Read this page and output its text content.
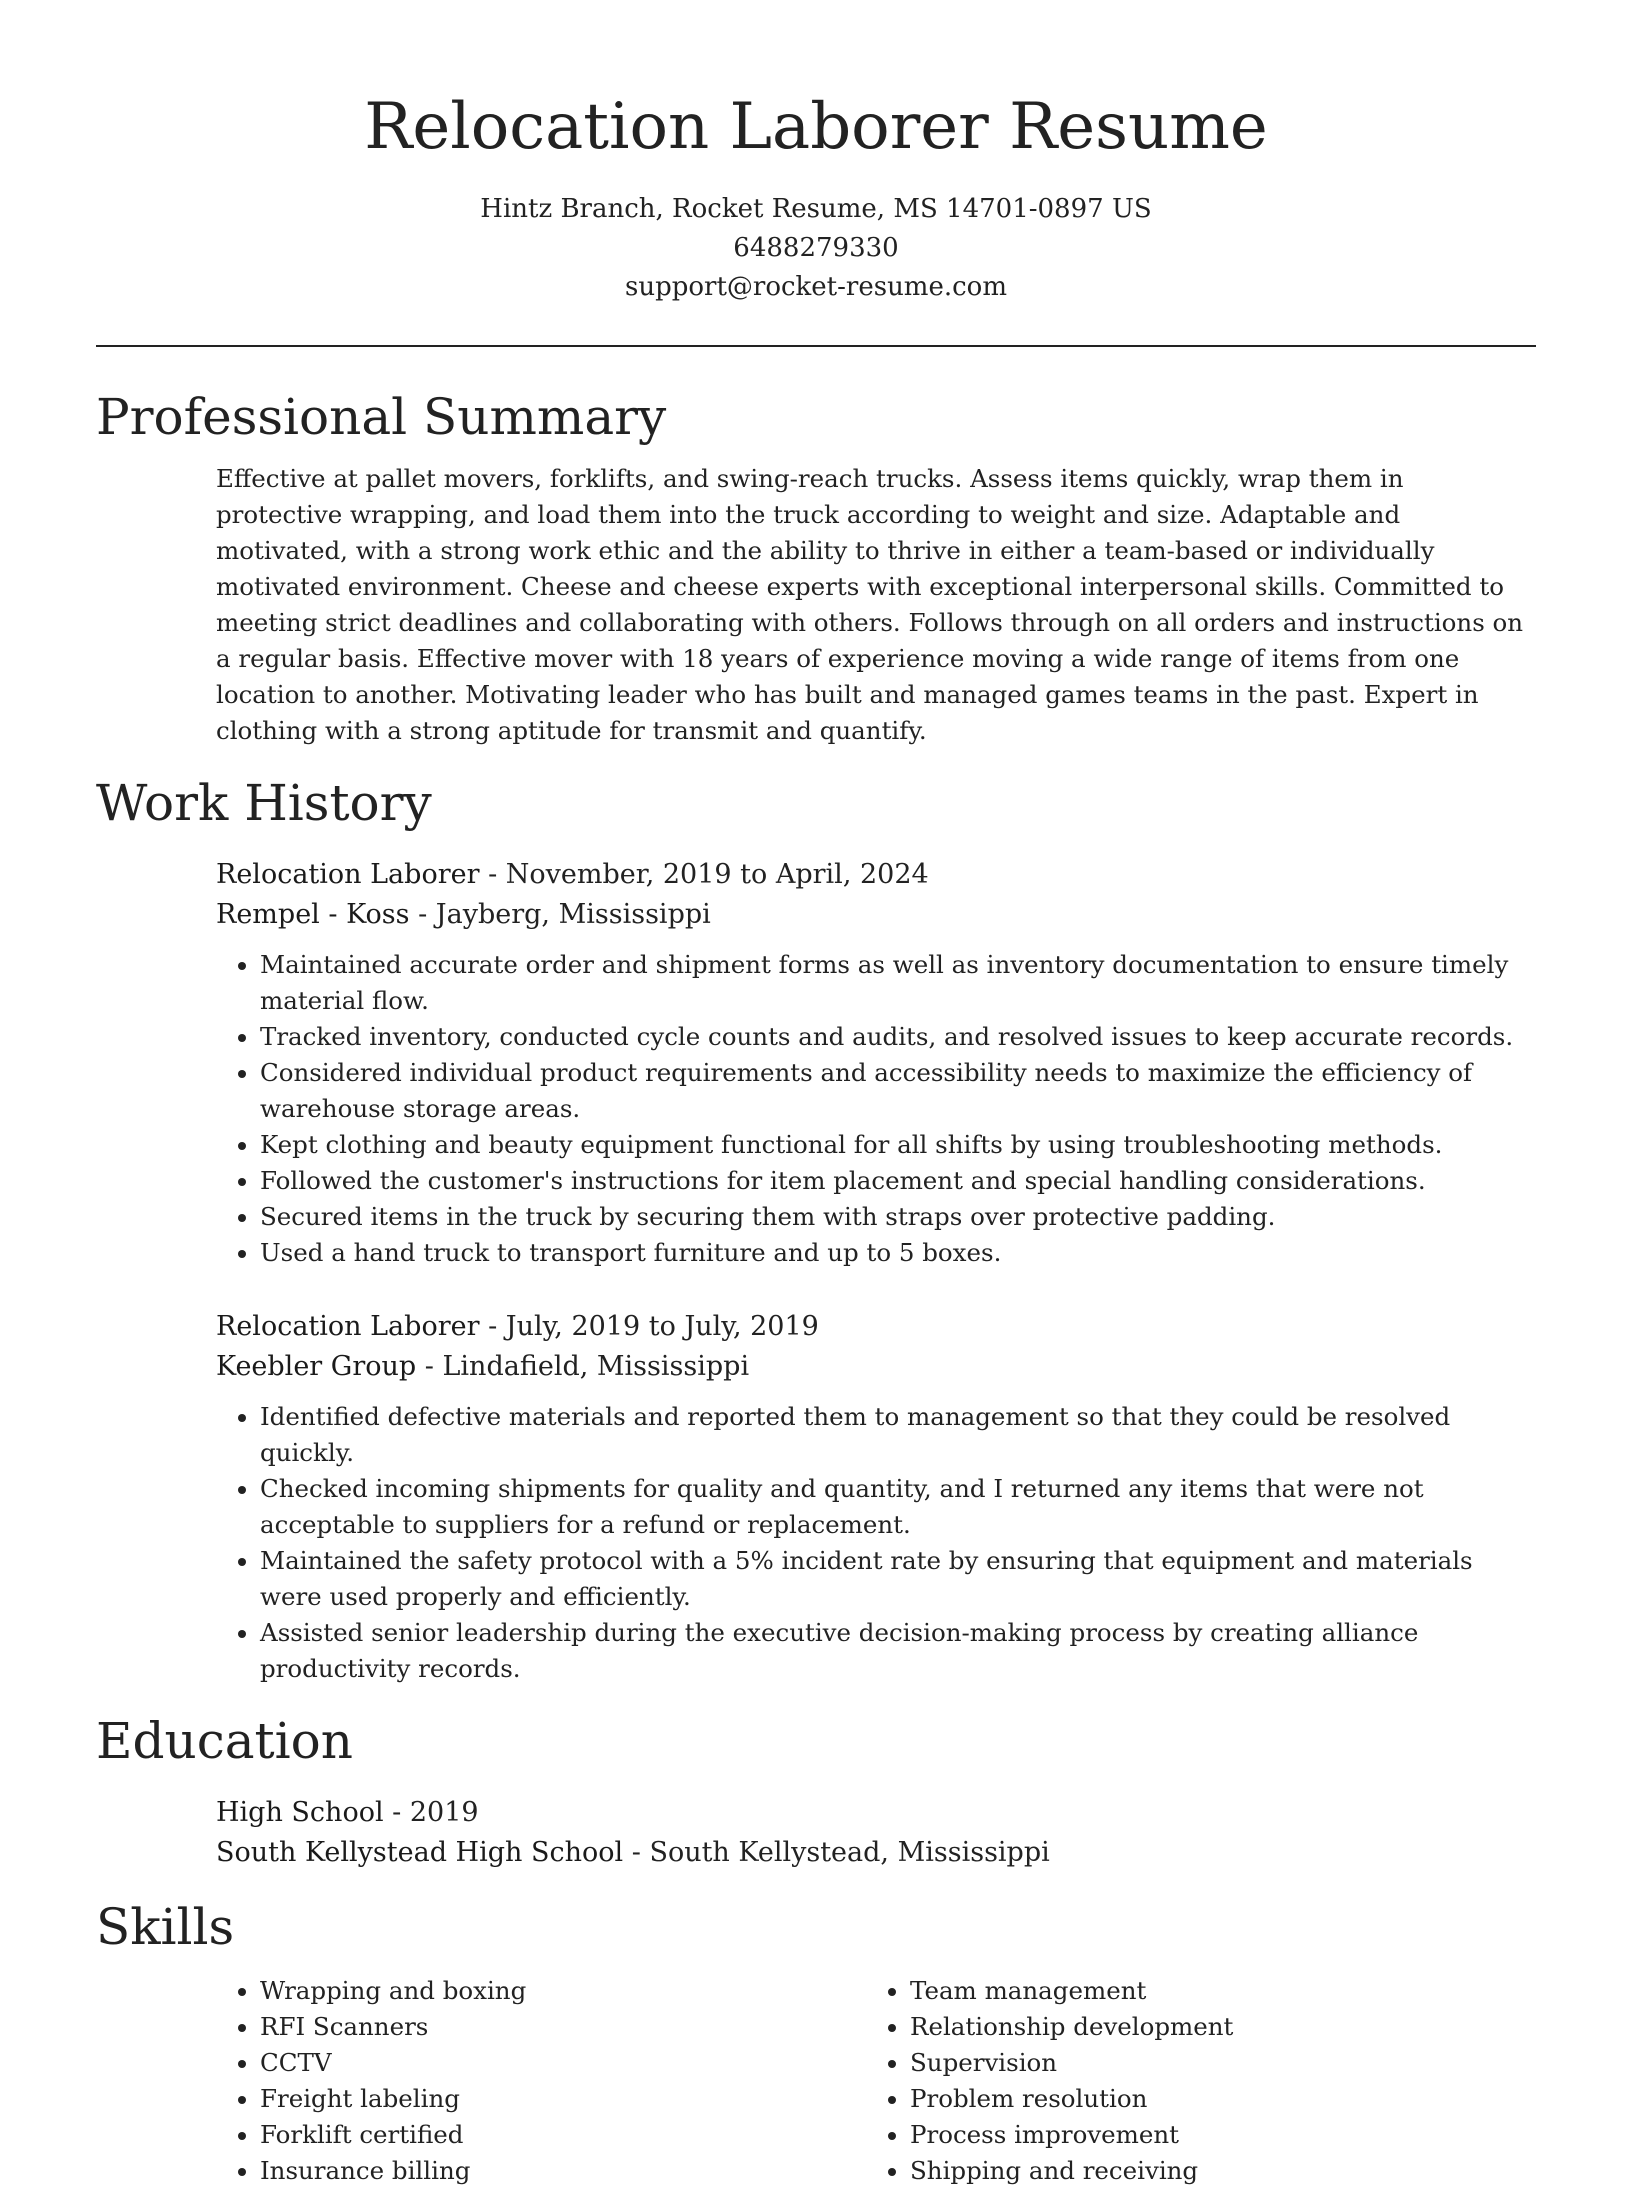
Relocation Laborer Resume

Hintz Branch, Rocket Resume, MS 14701-0897 US

6488279330

support@rocket-resume.com

Professional Summary

Effective at pallet movers, forklifts, and swing-reach trucks. Assess items quickly, wrap them in protective wrapping, and load them into the truck according to weight and size. Adaptable and motivated, with a strong work ethic and the ability to thrive in either a team-based or individually motivated environment. Cheese and cheese experts with exceptional interpersonal skills. Committed to meeting strict deadlines and collaborating with others. Follows through on all orders and instructions on a regular basis. Effective mover with 18 years of experience moving a wide range of items from one location to another. Motivating leader who has built and managed games teams in the past. Expert in clothing with a strong aptitude for transmit and quantify.

Work History

Relocation Laborer - November, 2019 to April, 2024

Rempel - Koss - Jayberg, Mississippi

• Maintained accurate order and shipment forms as well as inventory documentation to ensure timely material flow.
• Tracked inventory, conducted cycle counts and audits, and resolved issues to keep accurate records.
• Considered individual product requirements and accessibility needs to maximize the efficiency of warehouse storage areas.
• Kept clothing and beauty equipment functional for all shifts by using troubleshooting methods.
• Followed the customer's instructions for item placement and special handling considerations.
• Secured items in the truck by securing them with straps over protective padding.
• Used a hand truck to transport furniture and up to 5 boxes.

Relocation Laborer - July, 2019 to July, 2019

Keebler Group - Lindafield, Mississippi

• Identified defective materials and reported them to management so that they could be resolved quickly.
• Checked incoming shipments for quality and quantity, and I returned any items that were not acceptable to suppliers for a refund or replacement.
• Maintained the safety protocol with a 5% incident rate by ensuring that equipment and materials were used properly and efficiently.
• Assisted senior leadership during the executive decision-making process by creating alliance productivity records.
Education

High School - 2019

South Kellystead High School - South Kellystead, Mississippi

Skills
• Wrapping and boxing
• RFI Scanners
• CCTV
• Freight labeling
• Forklift certified
• Insurance billing
• Team management
• Relationship development
• Supervision
• Problem resolution
• Process improvement
• Shipping and receiving
